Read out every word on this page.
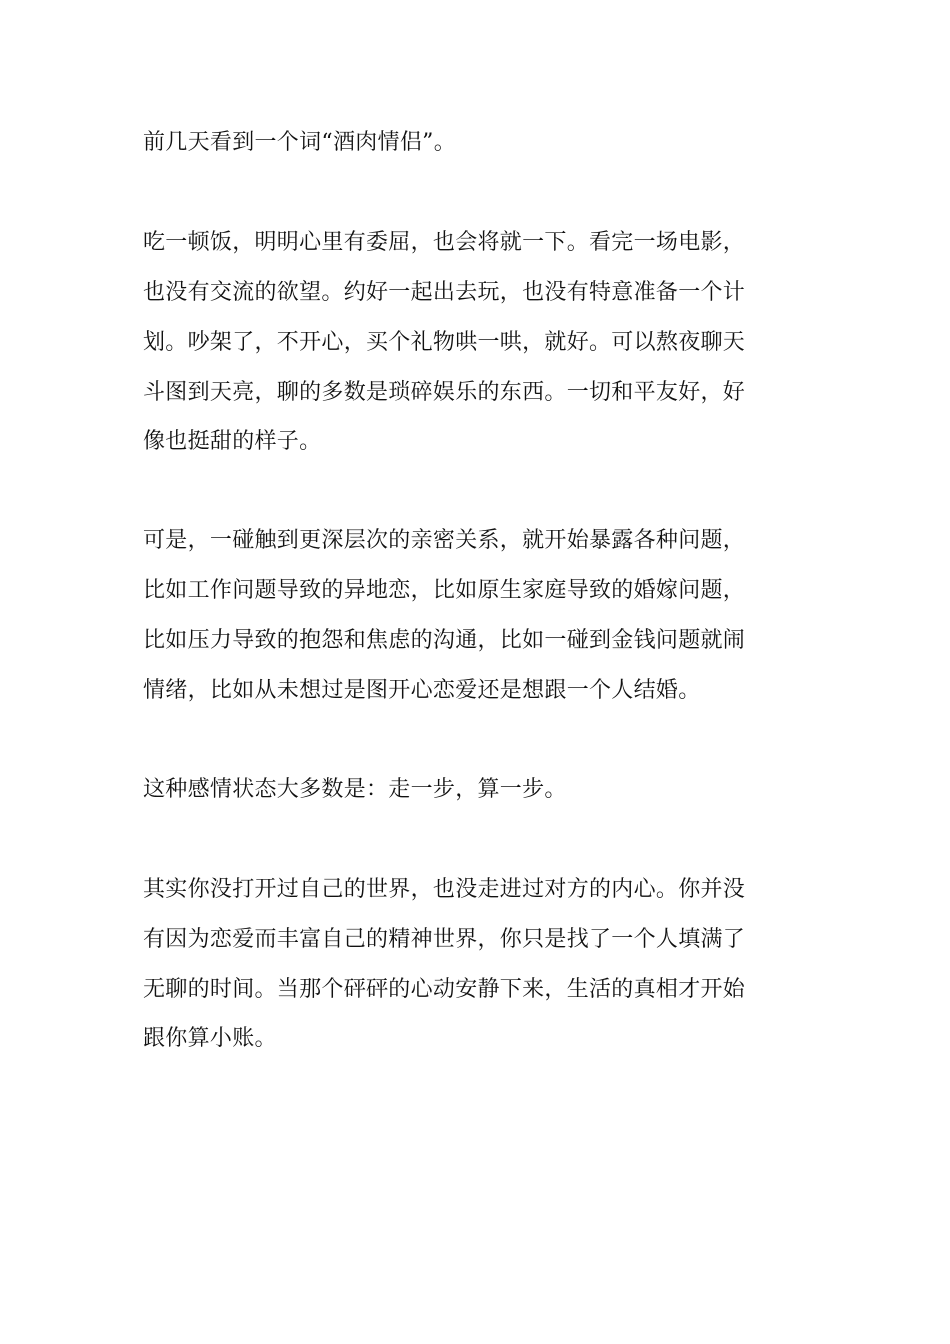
前几天看到一个词“酒肉情侣”。

吃一顿饭，明明心里有委屈，也会将就一下。看完一场电影，

也没有交流的欲望。约好一起出去玩，也没有特意准备一个计

划。吵架了，不开心，买个礼物哄一哄，就好。可以熬夜聊天

斗图到天亮，聊的多数是琐碎娱乐的东西。一切和平友好，好

像也挺甜的样子。

可是，一碰触到更深层次的亲密关系，就开始暴露各种问题，

比如工作问题导致的异地恋，比如原生家庭导致的婚嫁问题，

比如压力导致的抱怨和焦虑的沟通，比如一碰到金钱问题就闹

情绪，比如从未想过是图开心恋爱还是想跟一个人结婚。

这种感情状态大多数是：走一步，算一步。

其实你没打开过自己的世界，也没走进过对方的内心。你并没

有因为恋爱而丰富自己的精神世界，你只是找了一个人填满了

无聊的时间。当那个砰砰的心动安静下来，生活的真相才开始

跟你算小账。
